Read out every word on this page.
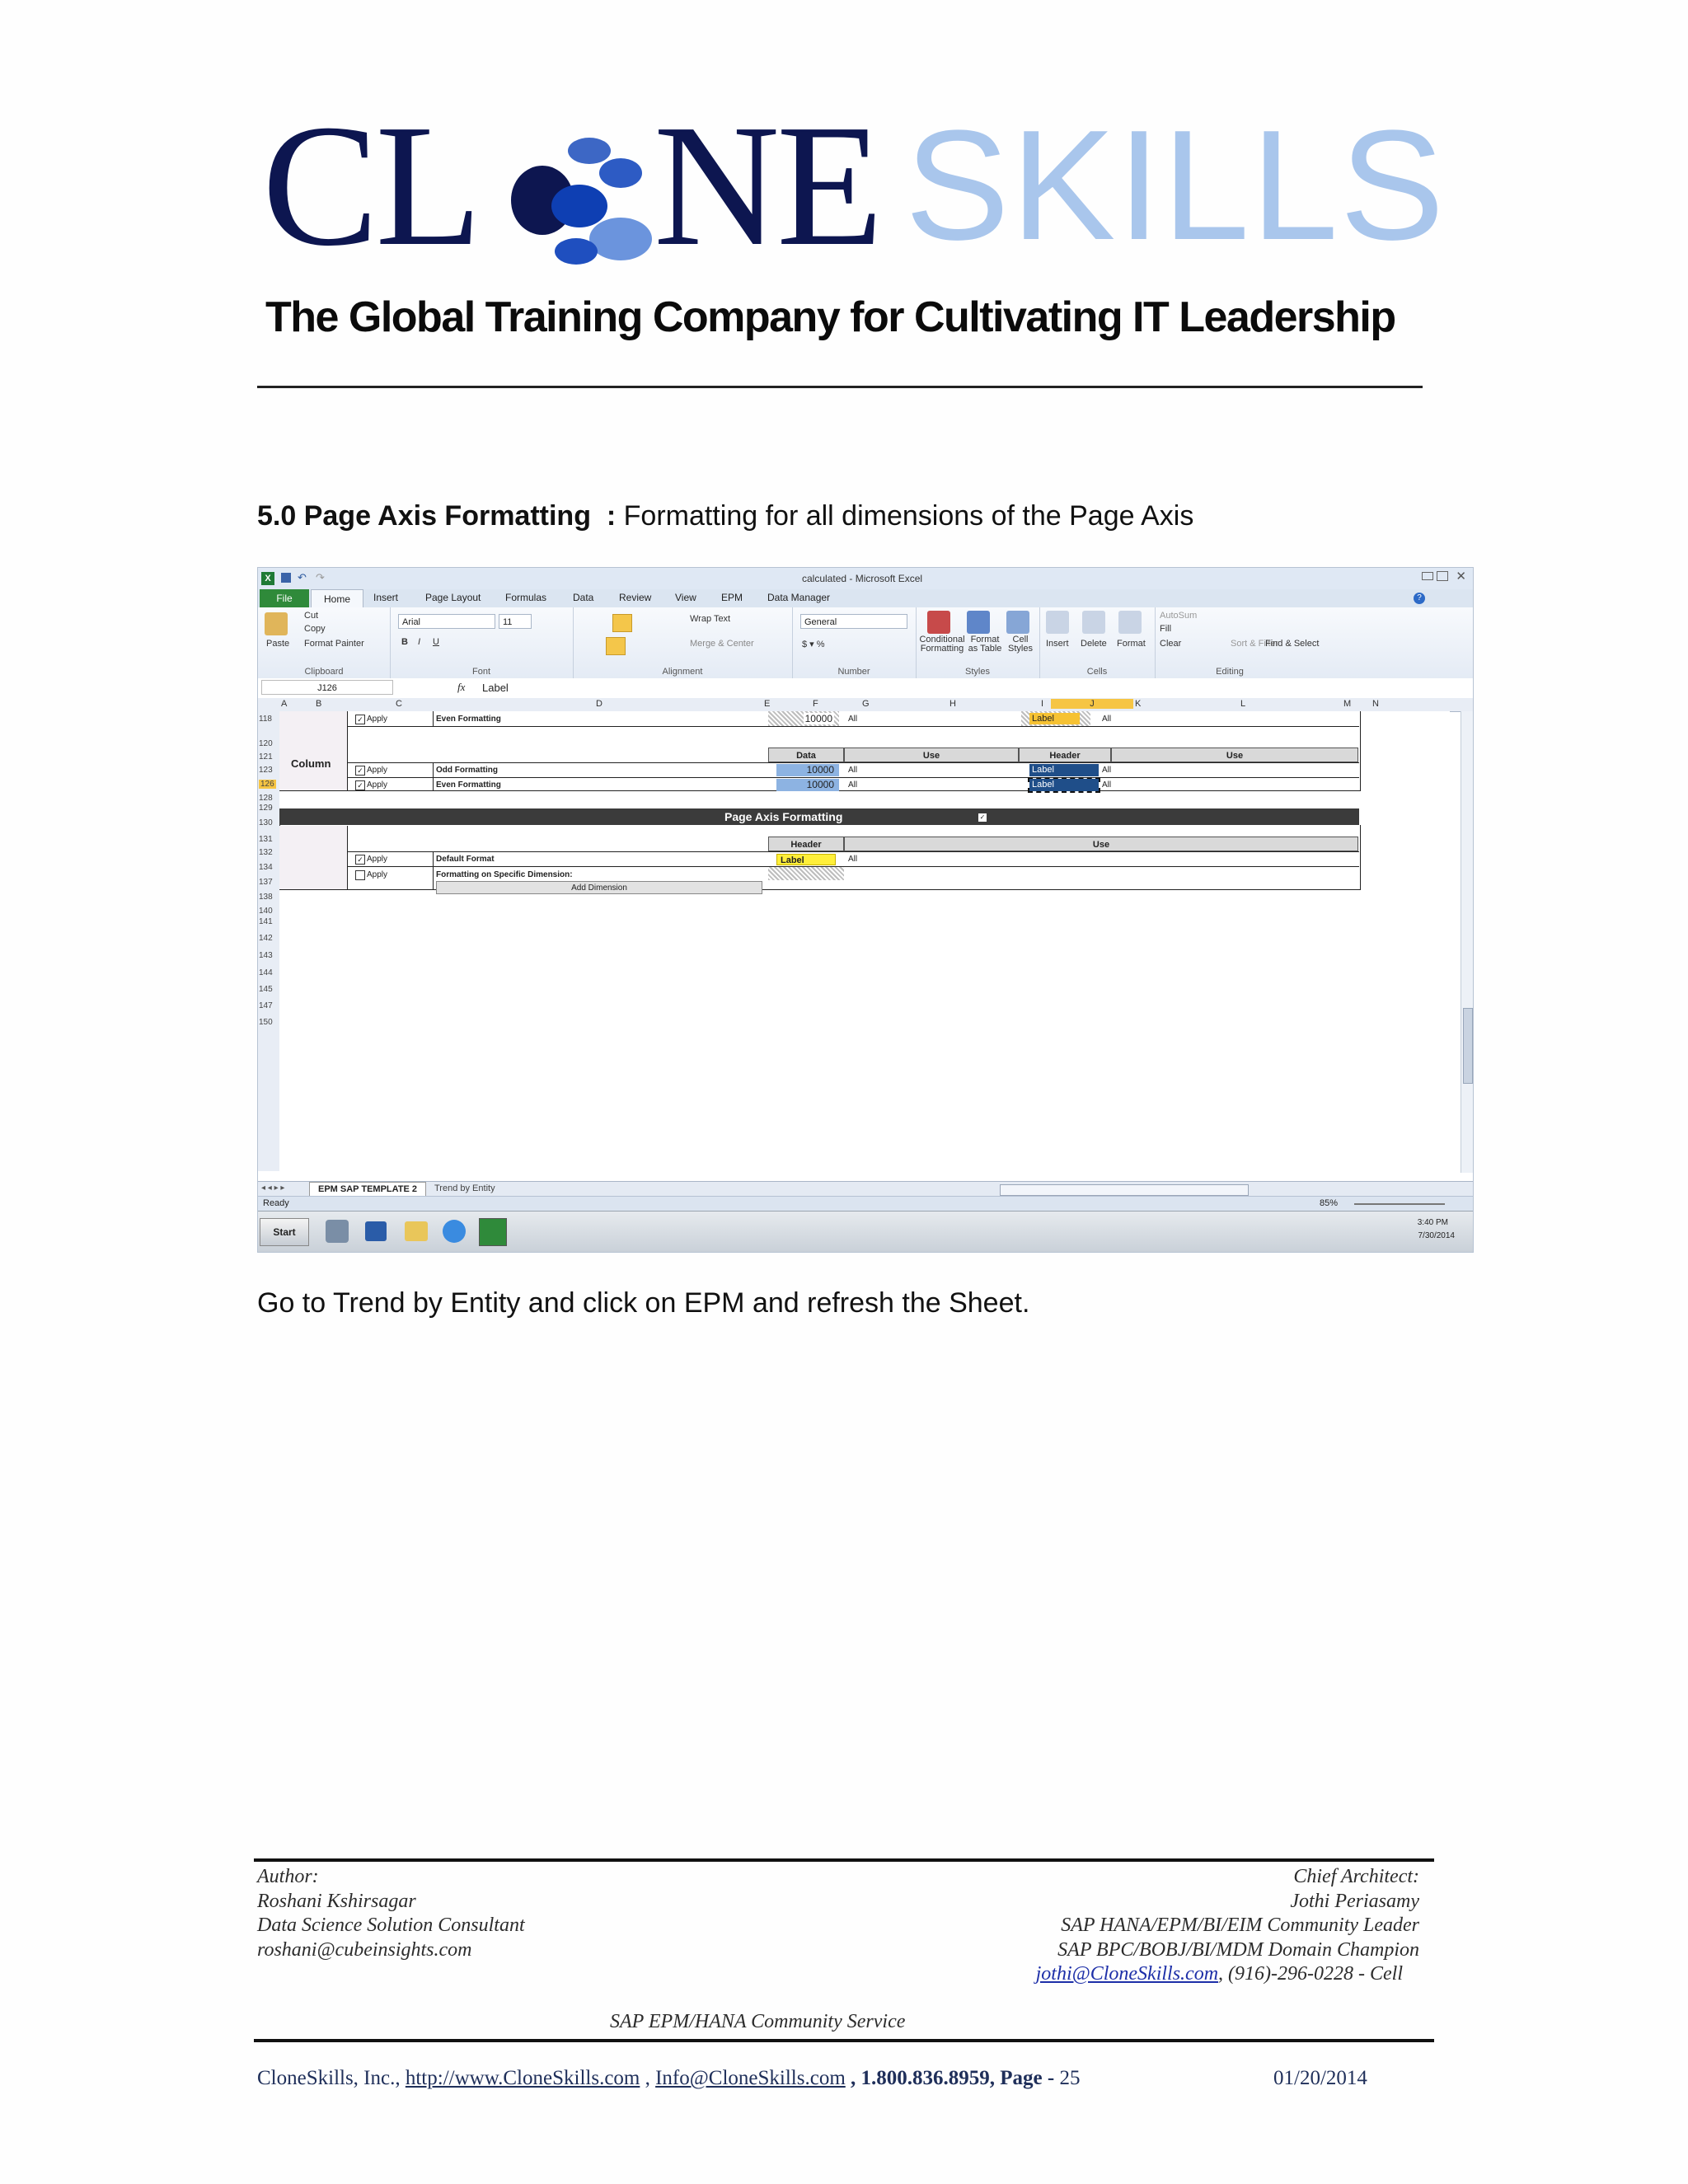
CL NE SKILLS
The Global Training Company for Cultivating IT Leadership
5.0 Page Axis Formatting : Formatting for all dimensions of the Page Axis
X	↶ ↷	calculated - Microsoft Excel	✕
File	Home	Insert	Page Layout Formulas	Data	Review View	EPM Data Manager	?
Paste
Cut
Copy
Format Painter
Clipboard
Arial	11
B I U
Font
Wrap Text
Merge & Center
Alignment
General
$ ▾ %
Number
Conditional Formatting
Format as Table
Cell Styles
Styles
Insert Delete Format
Cells
AutoSum
Fill
Clear	Sort & Filter
Find & Select
Editing
J126	fx Label
A	B	C	D	E	F	G	H	I	J	K	L	M N
118
120
121
123
126
128
129
130
131
132
134
137
138
140
141
142
143
144
145
147
150
Column
✓ Apply	Even Formatting	10000	All	Label	All
Data	Use	Header	Use
✓ Apply	Odd Formatting	10000	All	Label	All
✓ Apply	Even Formatting	10000	All	Label	All
Page Axis Formatting	✓
Header	Use
✓ Apply	Default Format	Label	All
Apply	Formatting on Specific Dimension:
Add Dimension
◂ ◂ ▸ ▸	EPM SAP TEMPLATE 2	Trend by Entity
Ready	85%
Start
3:40 PM
7/30/2014
Go to Trend by Entity and click on EPM and refresh the Sheet.
Author:
Roshani Kshirsagar
Data Science Solution Consultant
roshani@cubeinsights.com
Chief Architect:
Jothi Periasamy
SAP HANA/EPM/BI/EIM Community Leader
SAP BPC/BOBJ/BI/MDM Domain Champion
jothi@CloneSkills.com, (916)-296-0228 - Cell
SAP EPM/HANA Community Service
CloneSkills, Inc., http://www.CloneSkills.com , Info@CloneSkills.com , 1.800.836.8959, Page - 25	01/20/2014
